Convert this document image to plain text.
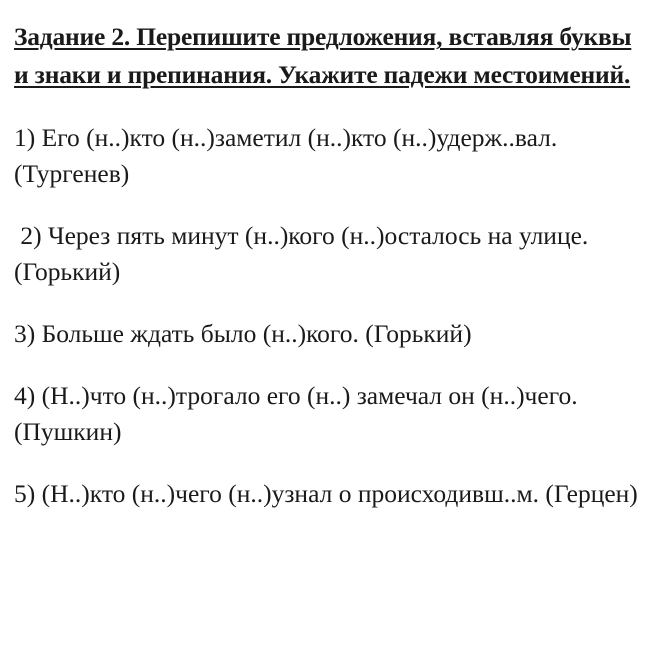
Задание 2. Перепишите предложения, вставляя буквы и знаки и препинания. Укажите падежи местоимений.
1) Его (н..)кто (н..)заметил (н..)кто (н..)удерж..вал. (Тургенев)
2) Через пять минут (н..)кого (н..)осталось на улице. (Горький)
3) Больше ждать было (н..)кого. (Горький)
4) (Н..)что (н..)трогало его (н..) замечал он (н..)чего. (Пушкин)
5) (Н..)кто (н..)чего (н..)узнал о происходивш..м. (Герцен)
